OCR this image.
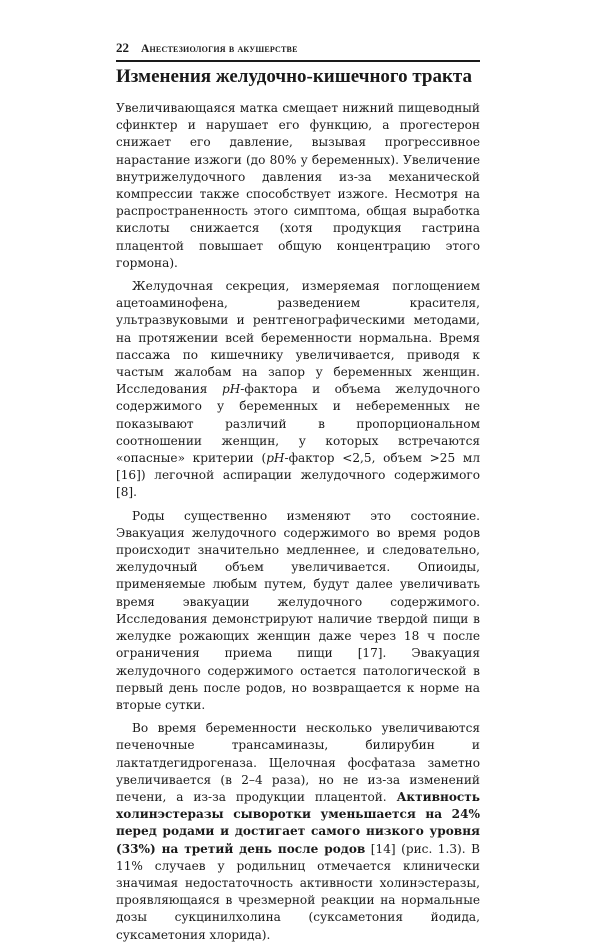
22 Анестезиология в акушерстве
Изменения желудочно-кишечного тракта

Увеличивающаяся матка смещает нижний пищеводный сфинктер и нарушает его функцию, а прогестерон снижает его давление, вызывая прогрессивное нарастание изжоги (до 80% у беременных). Увеличение внутрижелудочного давления из-за механической компрессии также способствует изжоге. Несмотря на распространенность этого симптома, общая выработка кислоты снижается (хотя продукция гастрина плацентой повышает общую концентрацию этого гормона).

Желудочная секреция, измеряемая поглощением ацетоаминофена, разведением красителя, ультразвуковыми и рентгенографическими методами, на протяжении всей беременности нормальна. Время пассажа по кишечнику увеличивается, приводя к частым жалобам на запор у беременных женщин. Исследования pH-фактора и объема желудочного содержимого у беременных и небеременных не показывают различий в пропорциональном соотношении женщин, у которых встречаются «опасные» критерии (pH-фактор <2,5, объем >25 мл [16]) легочной аспирации желудочного содержимого [8].

Роды существенно изменяют это состояние. Эвакуация желудочного содержимого во время родов происходит значительно медленнее, и следовательно, желудочный объем увеличивается. Опиоиды, применяемые любым путем, будут далее увеличивать время эвакуации желудочного содержимого. Исследования демонстрируют наличие твердой пищи в желудке рожающих женщин даже через 18 ч после ограничения приема пищи [17]. Эвакуация желудочного содержимого остается патологической в первый день после родов, но возвращается к норме на вторые сутки.

Во время беременности несколько увеличиваются печеночные трансаминазы, билирубин и лактатдегидрогеназа. Щелочная фосфатаза заметно увеличивается (в 2–4 раза), но не из-за изменений печени, а из-за продукции плацентой. Активность холинэстеразы сыворотки уменьшается на 24% перед родами и достигает самого низкого уровня (33%) на третий день после родов [14] (рис. 1.3). В 11% случаев у родильниц отмечается клинически значимая недостаточность активности холинэстеразы, проявляющаяся в чрезмерной реакции на нормальные дозы сукцинилхолина (суксаметония йодида, суксаметония хлорида).
